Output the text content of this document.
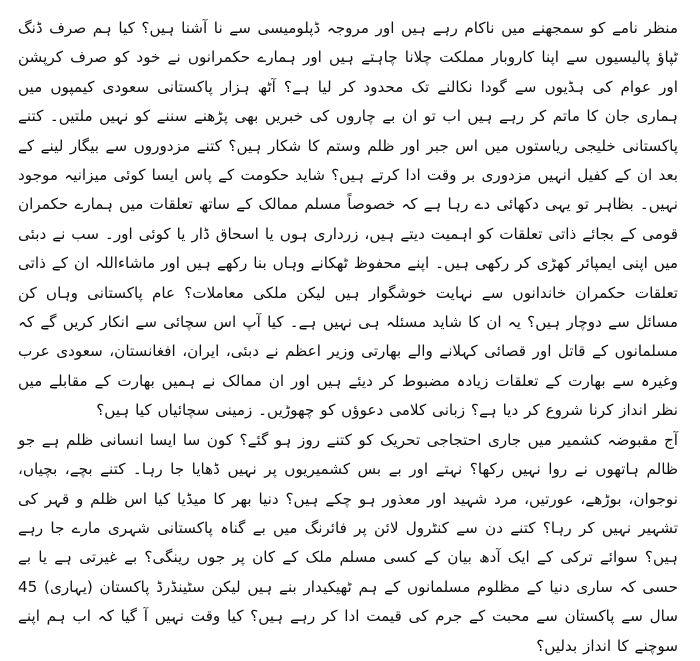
منظر نامے کو سمجھنے میں ناکام رہے ہیں اور مروجہ ڈپلومیسی سے نا آشنا ہیں؟ کیا ہم صرف ڈنگ ٹپاؤ پالیسیوں سے اپنا کاروبار مملکت چلانا چاہتے ہیں اور ہمارے حکمرانوں نے خود کو صرف کرپشن اور عوام کی ہڈیوں سے گودا نکالنے تک محدود کر لیا ہے؟ آٹھ ہزار پاکستانی سعودی کیمپوں میں ہماری جان کا ماتم کر رہے ہیں اب تو ان بے چاروں کی خبریں بھی پڑھنے سننے کو نہیں ملتیں۔ کتنے پاکستانی خلیجی ریاستوں میں اس جبر اور ظلم وستم کا شکار ہیں؟ کتنے مزدوروں سے بیگار لینے کے بعد ان کے کفیل انہیں مزدوری بر وقت ادا کرتے ہیں؟ شاید حکومت کے پاس ایسا کوئی میزانیہ موجود نہیں۔ بظاہر تو یہی دکھائی دے رہا ہے کہ خصوصاً مسلم ممالک کے ساتھ تعلقات میں ہمارے حکمران قومی کے بجائے ذاتی تعلقات کو اہمیت دیتے ہیں، زرداری ہوں یا اسحاق ڈار یا کوئی اور۔ سب نے دبئی میں اپنی ایمپائر کھڑی کر رکھی ہیں۔ اپنے محفوظ ٹھکانے وہاں بنا رکھے ہیں اور ماشاءاللہ ان کے ذاتی تعلقات حکمران خاندانوں سے نہایت خوشگوار ہیں لیکن ملکی معاملات؟ عام پاکستانی وہاں کن مسائل سے دوچار ہیں؟ یہ ان کا شاید مسئلہ ہی نہیں ہے۔ کیا آپ اس سچائی سے انکار کریں گے کہ مسلمانوں کے قاتل اور قصائی کہلانے والے بھارتی وزیر اعظم نے دبئی، ایران، افغانستان، سعودی عرب وغیرہ سے بھارت کے تعلقات زیادہ مضبوط کر دیئے ہیں اور ان ممالک نے ہمیں بھارت کے مقابلے میں نظر انداز کرنا شروع کر دیا ہے؟ زبانی کلامی دعوؤں کو چھوڑیں۔ زمینی سچائیاں کیا ہیں؟

آج مقبوضہ کشمیر میں جاری احتجاجی تحریک کو کتنے روز ہو گئے؟ کون سا ایسا انسانی ظلم ہے جو ظالم ہاتھوں نے روا نہیں رکھا؟ نہتے اور بے بس کشمیریوں پر نہیں ڈھایا جا رہا۔ کتنے بچے، بچیاں، نوجوان، بوڑھے، عورتیں، مرد شہید اور معذور ہو چکے ہیں؟ دنیا بھر کا میڈیا کیا اس ظلم و قہر کی تشہیر نہیں کر رہا؟ کتنے دن سے کنٹرول لائن پر فائرنگ میں بے گناہ پاکستانی شہری مارے جا رہے ہیں؟ سوائے ترکی کے ایک آدھ بیان کے کسی مسلم ملک کے کان پر جوں رینگی؟ بے غیرتی ہے یا بے حسی کہ ساری دنیا کے مظلوم مسلمانوں کے ہم ٹھیکیدار بنے ہیں لیکن سٹینڈرڈ پاکستان (یہاری) 45 سال سے پاکستان سے محبت کے جرم کی قیمت ادا کر رہے ہیں؟ کیا وقت نہیں آ گیا کہ اب ہم اپنے سوچنے کا انداز بدلیں؟
